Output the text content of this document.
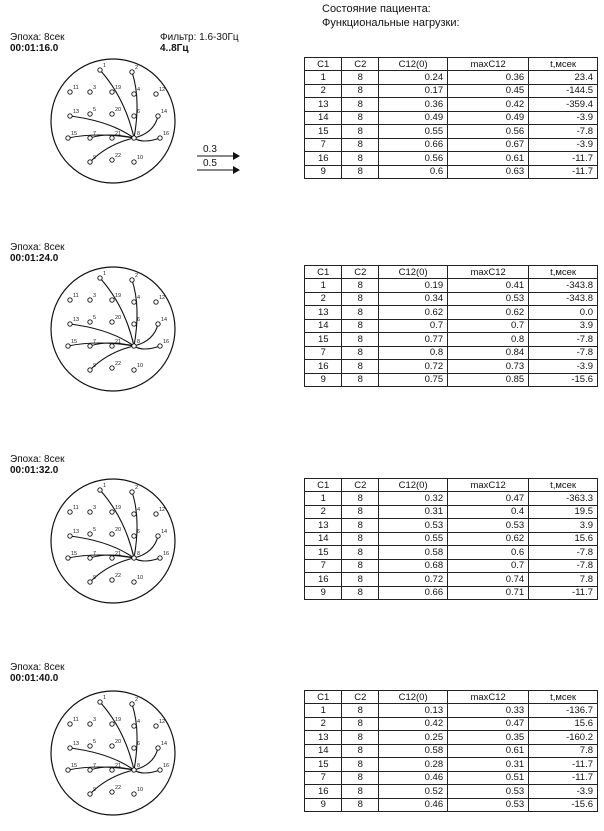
Состояние пациента:
Функциональные нагрузки:
Фильтр: 1.6-30Гц
4..8Гц
0.3
0.5
Эпоха: 8сек
00:01:16.0
1	2
11	3	19	4	12
13	5	20	6	14
15	7	21	8	16
9	22	10
C1	C2	C12(0)	maxC12	t,мсек
1	8	0.24	0.36	23.4
2	8	0.17	0.45	-144.5
13	8	0.36	0.42	-359.4
14	8	0.49	0.49	-3.9
15	8	0.55	0.56	-7.8
7	8	0.66	0.67	-3.9
16	8	0.56	0.61	-11.7
9	8	0.6	0.63	-11.7
Эпоха: 8сек
00:01:24.0
1	2
11	3	19	4	12
13	5	20	6	14
15	7	21	8	16
9	22	10
C1	C2	C12(0)	maxC12	t,мсек
1	8	0.19	0.41	-343.8
2	8	0.34	0.53	-343.8
13	8	0.62	0.62	0.0
14	8	0.7	0.7	3.9
15	8	0.77	0.8	-7.8
7	8	0.8	0.84	-7.8
16	8	0.72	0.73	-3.9
9	8	0.75	0.85	-15.6
Эпоха: 8сек
00:01:32.0
1	2
11	3	19	4	12
13	5	20	6	14
15	7	21	8	16
9	22	10
C1	C2	C12(0)	maxC12	t,мсек
1	8	0.32	0.47	-363.3
2	8	0.31	0.4	19.5
13	8	0.53	0.53	3.9
14	8	0.55	0.62	15.6
15	8	0.58	0.6	-7.8
7	8	0.68	0.7	-7.8
16	8	0.72	0.74	7.8
9	8	0.66	0.71	-11.7
Эпоха: 8сек
00:01:40.0
1	2
11	3	19	4	12
13	5	20	6	14
15	7	21	8	16
9	22	10
C1	C2	C12(0)	maxC12	t,мсек
1	8	0.13	0.33	-136.7
2	8	0.42	0.47	15.6
13	8	0.25	0.35	-160.2
14	8	0.58	0.61	7.8
15	8	0.28	0.31	-11.7
7	8	0.46	0.51	-11.7
16	8	0.52	0.53	-3.9
9	8	0.46	0.53	-15.6
